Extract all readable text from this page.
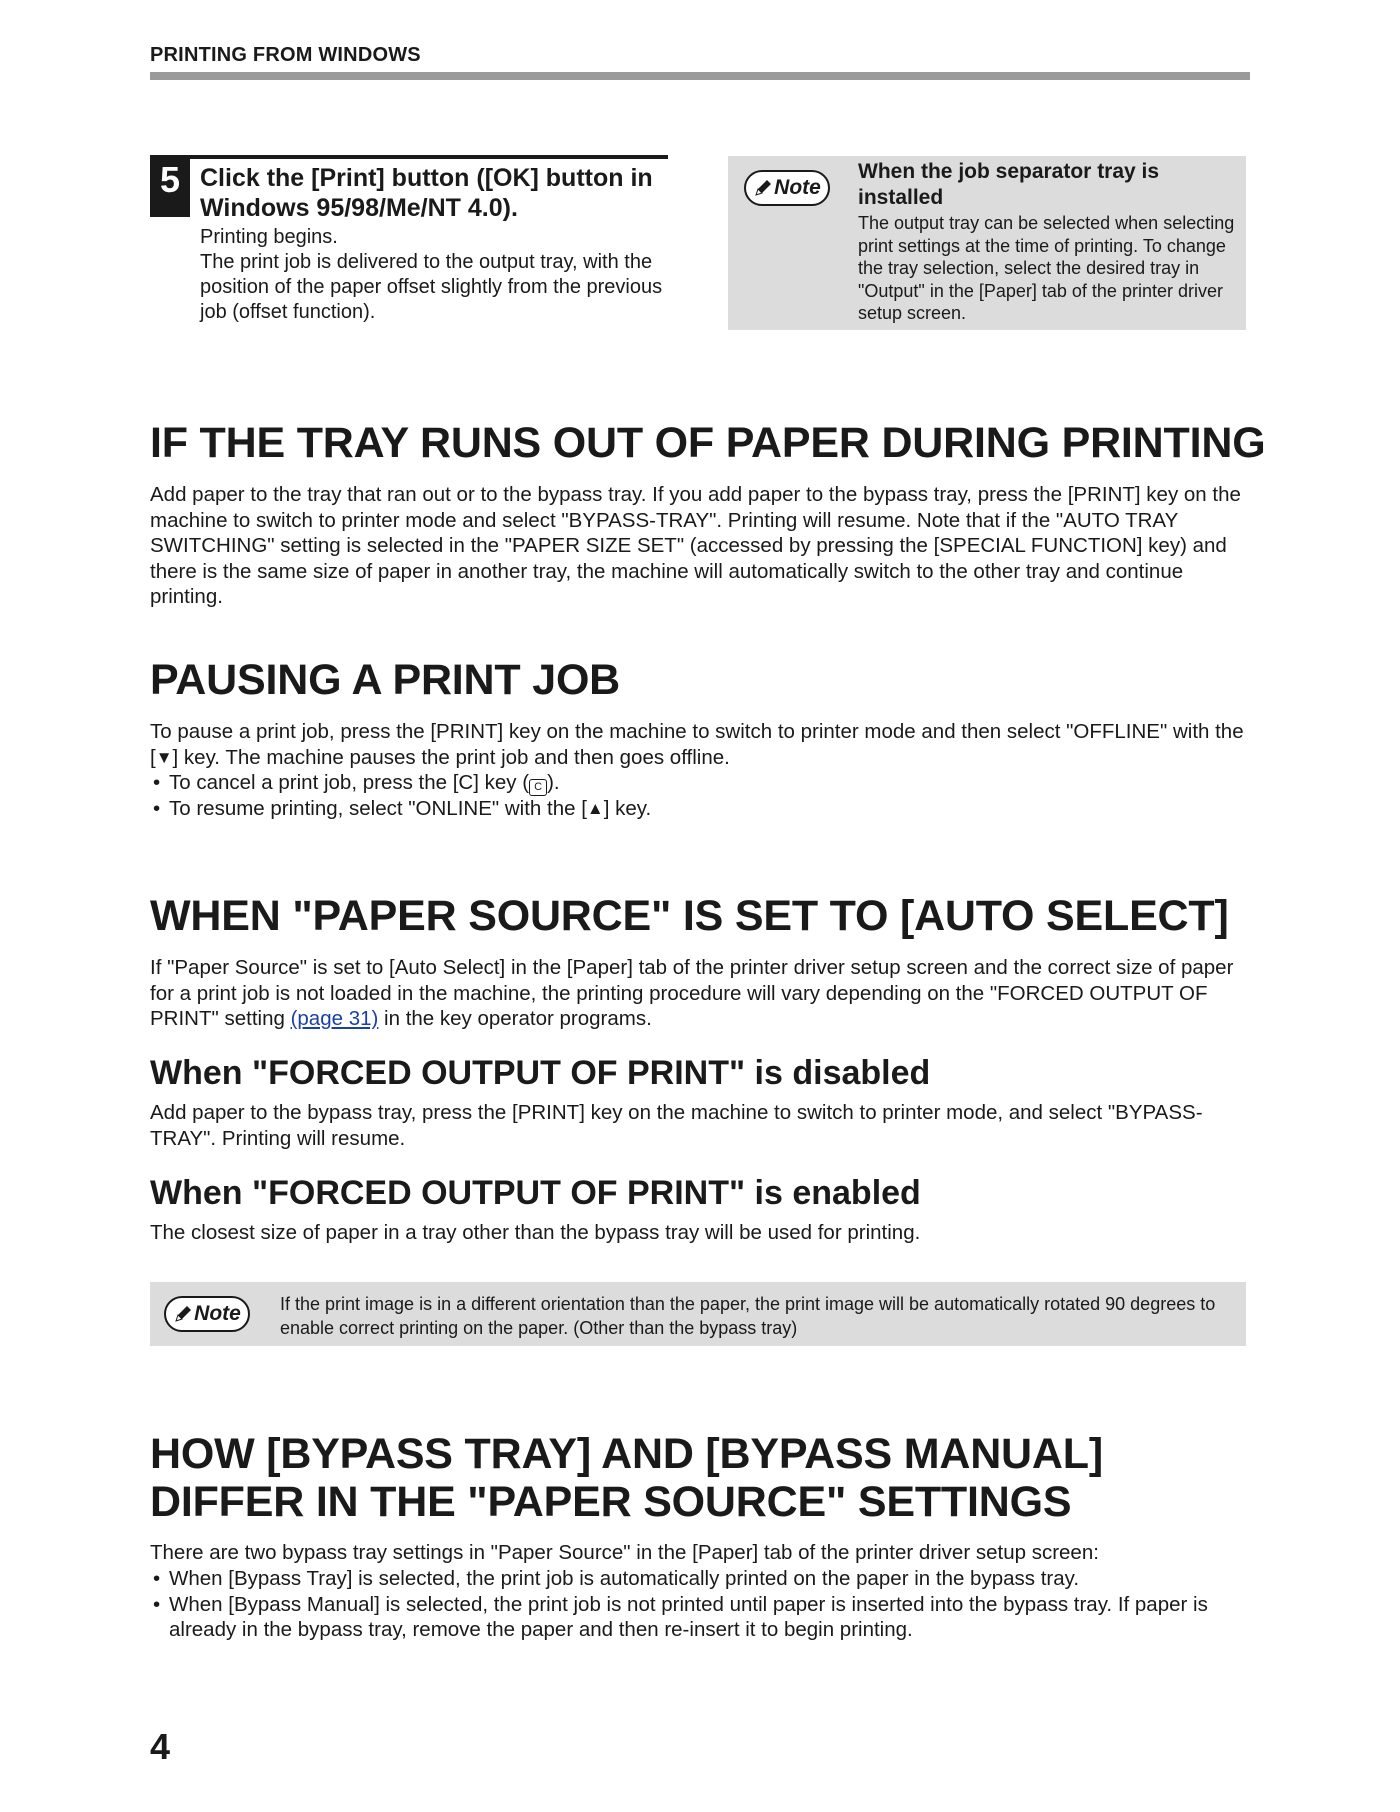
PRINTING FROM WINDOWS
5 Click the [Print] button ([OK] button in Windows 95/98/Me/NT 4.0).

Printing begins.

The print job is delivered to the output tray, with the position of the paper offset slightly from the previous job (offset function).

Note
When the job separator tray is installed
The output tray can be selected when selecting print settings at the time of printing. To change the tray selection, select the desired tray in "Output" in the [Paper] tab of the printer driver setup screen.
IF THE TRAY RUNS OUT OF PAPER DURING PRINTING

Add paper to the tray that ran out or to the bypass tray. If you add paper to the bypass tray, press the [PRINT] key on the machine to switch to printer mode and select "BYPASS-TRAY". Printing will resume. Note that if the "AUTO TRAY SWITCHING" setting is selected in the "PAPER SIZE SET" (accessed by pressing the [SPECIAL FUNCTION] key) and there is the same size of paper in another tray, the machine will automatically switch to the other tray and continue printing.

PAUSING A PRINT JOB

To pause a print job, press the [PRINT] key on the machine to switch to printer mode and then select "OFFLINE" with the [▼] key. The machine pauses the print job and then goes offline.

• To cancel a print job, press the [C] key ( C ).
• To resume printing, select "ONLINE" with the [▲] key.
WHEN "PAPER SOURCE" IS SET TO [AUTO SELECT]

If "Paper Source" is set to [Auto Select] in the [Paper] tab of the printer driver setup screen and the correct size of paper for a print job is not loaded in the machine, the printing procedure will vary depending on the "FORCED OUTPUT OF PRINT" setting (page 31) in the key operator programs.

When "FORCED OUTPUT OF PRINT" is disabled

Add paper to the bypass tray, press the [PRINT] key on the machine to switch to printer mode, and select "BYPASS-TRAY". Printing will resume.

When "FORCED OUTPUT OF PRINT" is enabled

The closest size of paper in a tray other than the bypass tray will be used for printing.

Note If the print image is in a different orientation than the paper, the print image will be automatically rotated 90 degrees to enable correct printing on the paper. (Other than the bypass tray)
HOW [BYPASS TRAY] AND [BYPASS MANUAL]
DIFFER IN THE "PAPER SOURCE" SETTINGS

There are two bypass tray settings in "Paper Source" in the [Paper] tab of the printer driver setup screen:

• When [Bypass Tray] is selected, the print job is automatically printed on the paper in the bypass tray.
• When [Bypass Manual] is selected, the print job is not printed until paper is inserted into the bypass tray. If paper is already in the bypass tray, remove the paper and then re-insert it to begin printing.
4
